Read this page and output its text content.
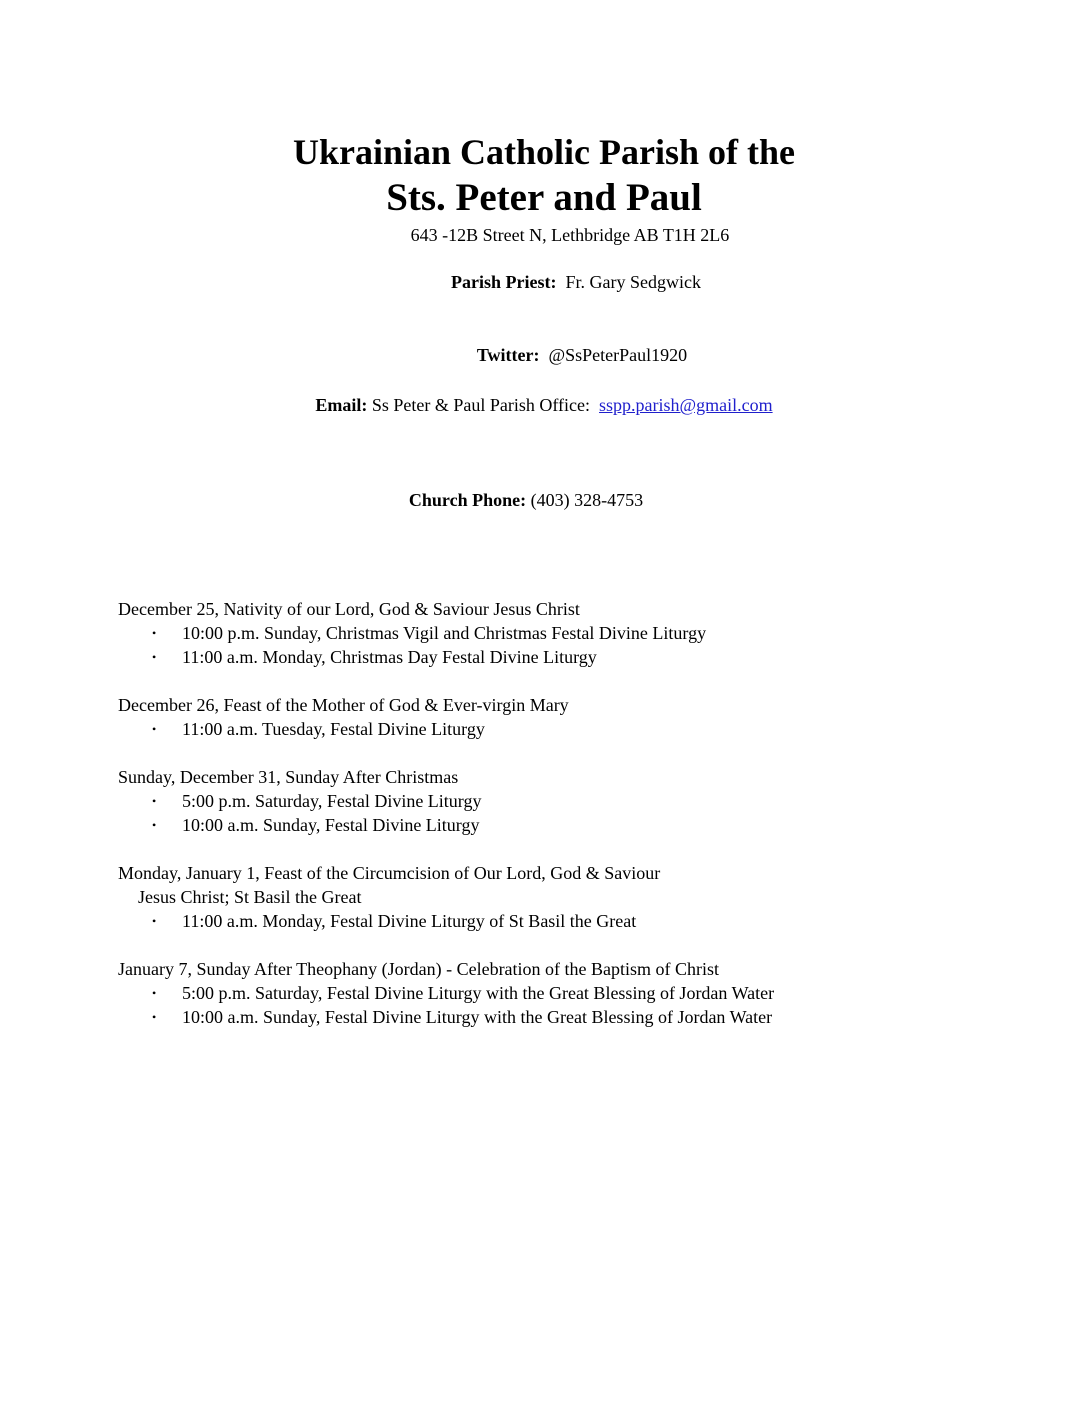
Ukrainian Catholic Parish of the
Sts. Peter and Paul
643 -12B Street N, Lethbridge AB T1H 2L6
Parish Priest: Fr. Gary Sedgwick
Twitter: @SsPeterPaul1920
Email: Ss Peter & Paul Parish Office: sspp.parish@gmail.com
Church Phone: (403) 328-4753
December 25, Nativity of our Lord, God & Saviour Jesus Christ
• 10:00 p.m. Sunday, Christmas Vigil and Christmas Festal Divine Liturgy
• 11:00 a.m. Monday, Christmas Day Festal Divine Liturgy
December 26, Feast of the Mother of God & Ever-virgin Mary
• 11:00 a.m. Tuesday, Festal Divine Liturgy
Sunday, December 31, Sunday After Christmas
• 5:00 p.m. Saturday, Festal Divine Liturgy
• 10:00 a.m. Sunday, Festal Divine Liturgy
Monday, January 1, Feast of the Circumcision of Our Lord, God & Saviour
Jesus Christ; St Basil the Great
• 11:00 a.m. Monday, Festal Divine Liturgy of St Basil the Great
January 7, Sunday After Theophany (Jordan) - Celebration of the Baptism of Christ
• 5:00 p.m. Saturday, Festal Divine Liturgy with the Great Blessing of Jordan Water
• 10:00 a.m. Sunday, Festal Divine Liturgy with the Great Blessing of Jordan Water
